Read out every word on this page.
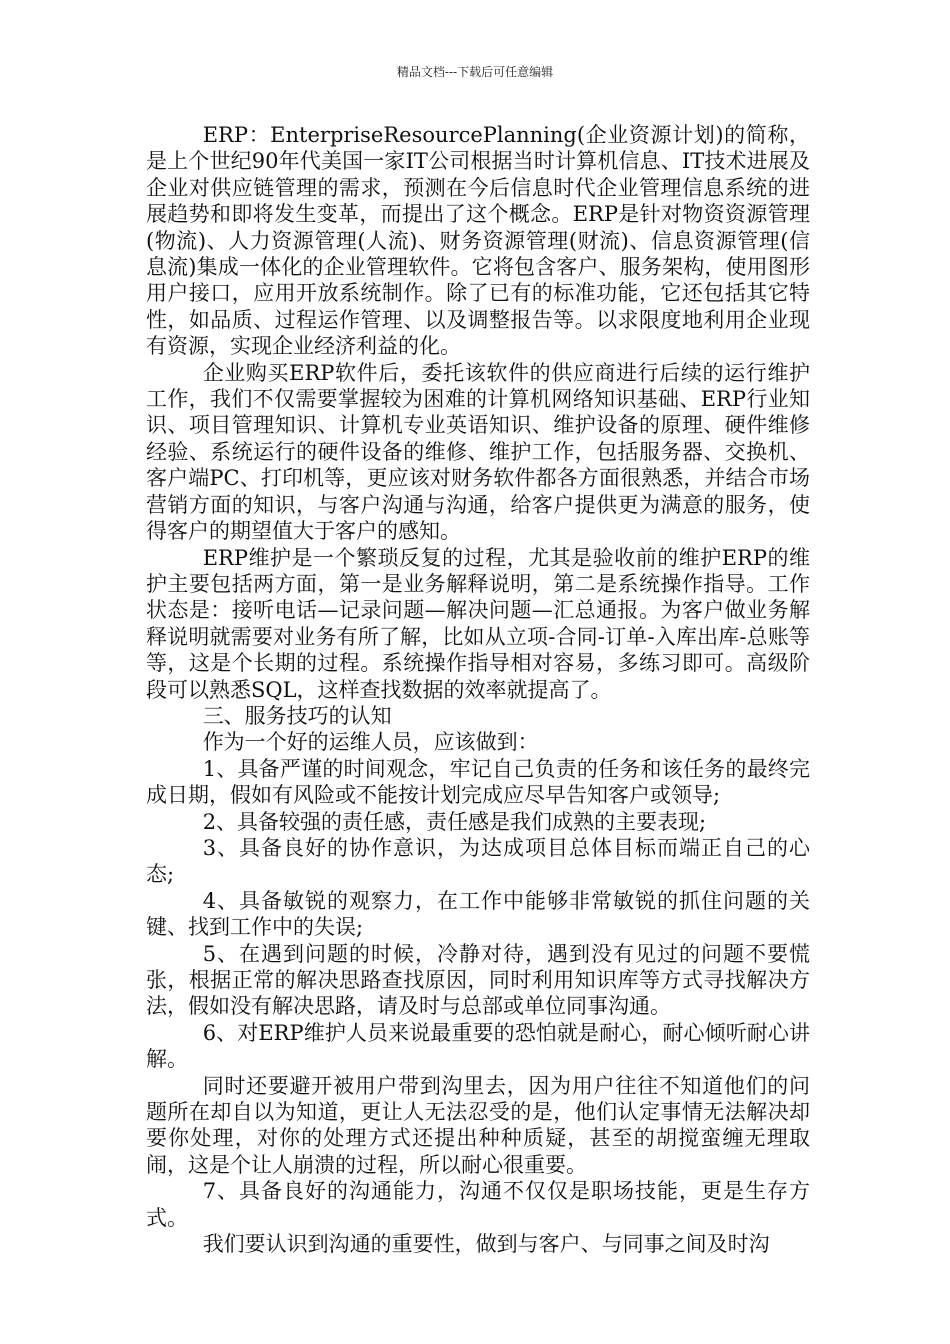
精品文档---下载后可任意编辑

ERP：EnterpriseResourcePlanning(企业资源计划)的简称，是上个世纪90年代美国一家IT公司根据当时计算机信息、IT技术进展及企业对供应链管理的需求，预测在今后信息时代企业管理信息系统的进展趋势和即将发生变革，而提出了这个概念。ERP是针对物资资源管理(物流)、人力资源管理(人流)、财务资源管理(财流)、信息资源管理(信息流)集成一体化的企业管理软件。它将包含客户、服务架构，使用图形用户接口，应用开放系统制作。除了已有的标准功能，它还包括其它特性，如品质、过程运作管理、以及调整报告等。以求限度地利用企业现有资源，实现企业经济利益的化。

企业购买ERP软件后，委托该软件的供应商进行后续的运行维护工作，我们不仅需要掌握较为困难的计算机网络知识基础、ERP行业知识、项目管理知识、计算机专业英语知识、维护设备的原理、硬件维修经验、系统运行的硬件设备的维修、维护工作，包括服务器、交换机、客户端PC、打印机等，更应该对财务软件都各方面很熟悉，并结合市场营销方面的知识，与客户沟通与沟通，给客户提供更为满意的服务，使得客户的期望值大于客户的感知。

ERP维护是一个繁琐反复的过程，尤其是验收前的维护ERP的维护主要包括两方面，第一是业务解释说明，第二是系统操作指导。工作状态是：接听电话—记录问题—解决问题—汇总通报。为客户做业务解释说明就需要对业务有所了解，比如从立项-合同-订单-入库出库-总账等等，这是个长期的过程。系统操作指导相对容易，多练习即可。高级阶段可以熟悉SQL，这样查找数据的效率就提高了。

三、服务技巧的认知

作为一个好的运维人员，应该做到：

1、具备严谨的时间观念，牢记自己负责的任务和该任务的最终完成日期，假如有风险或不能按计划完成应尽早告知客户或领导;

2、具备较强的责任感，责任感是我们成熟的主要表现;

3、具备良好的协作意识，为达成项目总体目标而端正自己的心态;

4、具备敏锐的观察力，在工作中能够非常敏锐的抓住问题的关键、找到工作中的失误;

5、在遇到问题的时候，冷静对待，遇到没有见过的问题不要慌张，根据正常的解决思路查找原因，同时利用知识库等方式寻找解决方法，假如没有解决思路，请及时与总部或单位同事沟通。

6、对ERP维护人员来说最重要的恐怕就是耐心，耐心倾听耐心讲解。

同时还要避开被用户带到沟里去，因为用户往往不知道他们的问题所在却自以为知道，更让人无法忍受的是，他们认定事情无法解决却要你处理，对你的处理方式还提出种种质疑，甚至的胡搅蛮缠无理取闹，这是个让人崩溃的过程，所以耐心很重要。

7、具备良好的沟通能力，沟通不仅仅是职场技能，更是生存方式。

我们要认识到沟通的重要性，做到与客户、与同事之间及时沟
